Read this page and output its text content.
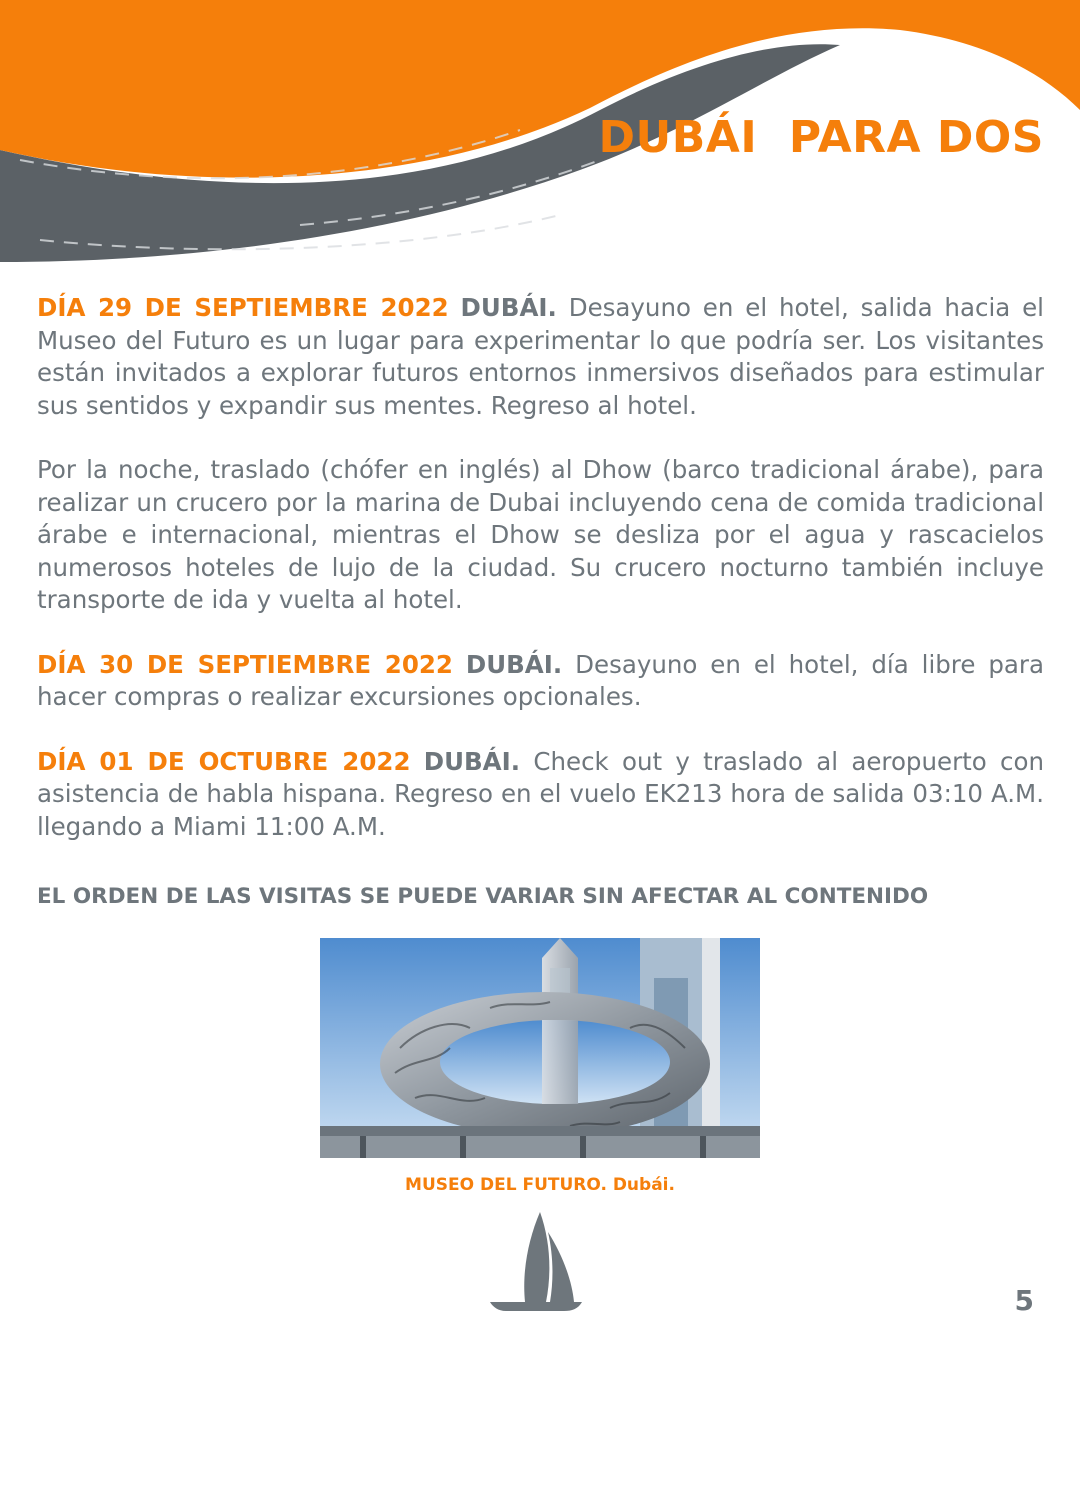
DUBÁI  PARA DOS

DÍA 29 DE SEPTIEMBRE 2022 DUBÁI. Desayuno en el hotel, salida hacia el Museo del Futuro es un lugar para experimentar lo que podría ser. Los visitantes están invitados a explorar futuros entornos inmersivos diseñados para estimular sus sentidos y expandir sus mentes. Regreso al hotel.

Por la noche, traslado (chófer en inglés) al Dhow (barco tradicional árabe), para realizar un crucero por la marina de Dubai incluyendo cena de comida tradicional árabe e internacional, mientras el Dhow se desliza por el agua y rascacielos numerosos hoteles de lujo de la ciudad. Su crucero nocturno también incluye transporte de ida y vuelta al hotel.

DÍA 30 DE SEPTIEMBRE 2022 DUBÁI. Desayuno en el hotel, día libre para hacer compras o realizar excursiones opcionales.

DÍA 01 DE OCTUBRE 2022 DUBÁI. Check out y traslado al aeropuerto con asistencia de habla hispana. Regreso en el vuelo EK213 hora de salida 03:10 A.M. llegando a Miami 11:00 A.M.

EL ORDEN DE LAS VISITAS SE PUEDE VARIAR SIN AFECTAR AL CONTENIDO

MUSEO DEL FUTURO. Dubái.

5
